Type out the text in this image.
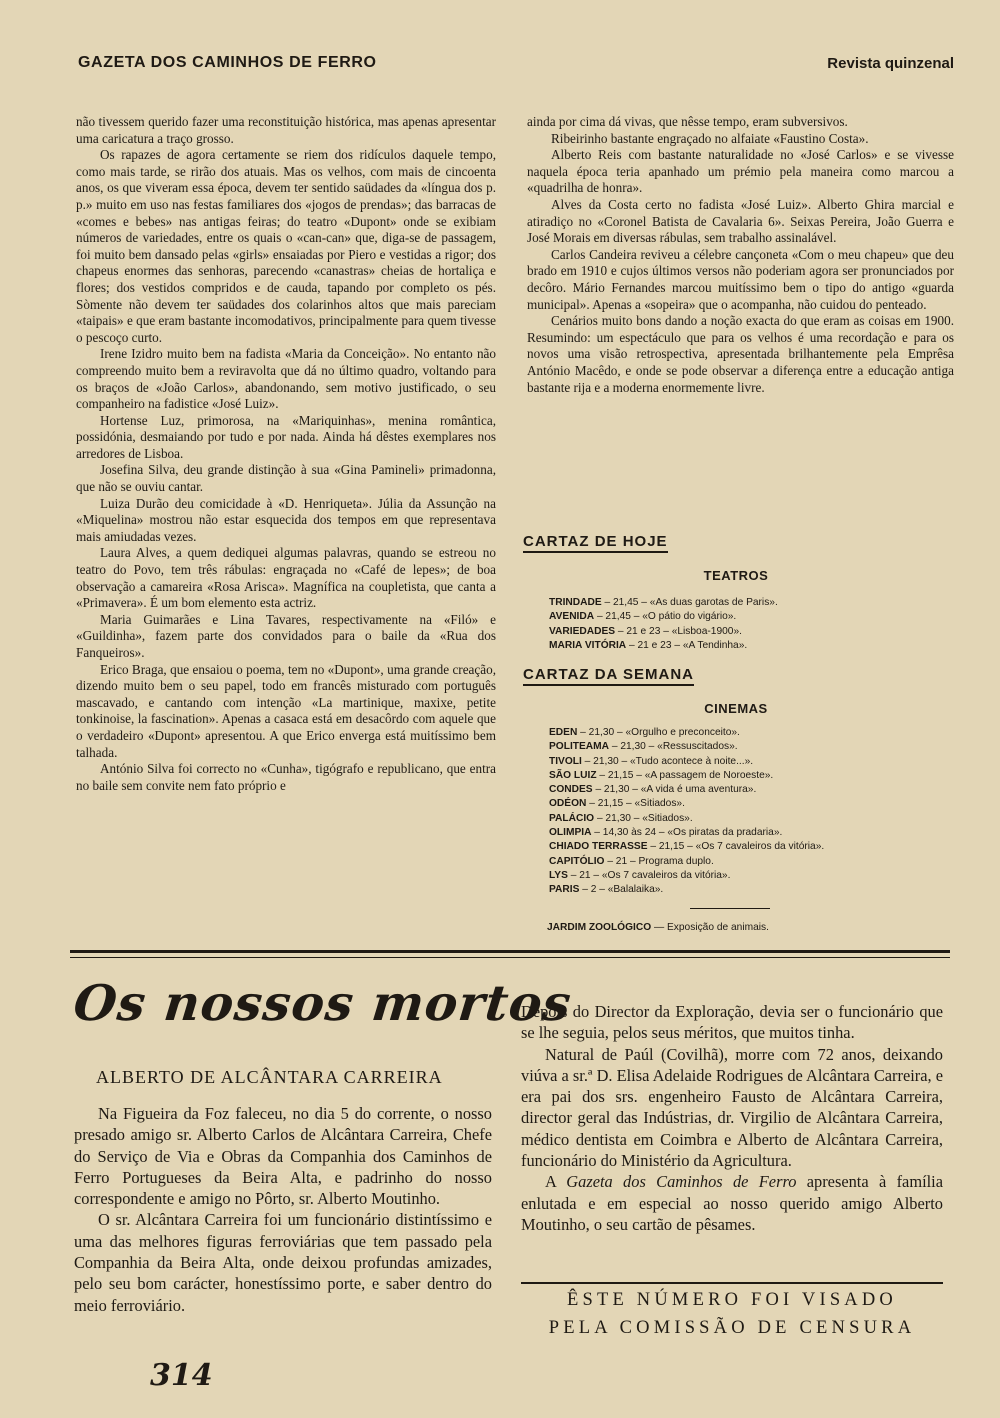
GAZETA DOS CAMINHOS DE FERRO	Revista quinzenal

não tivessem querido fazer uma reconstituição histórica, mas apenas apresentar uma caricatura a traço grosso.

Os rapazes de agora certamente se riem dos ridículos daquele tempo, como mais tarde, se rirão dos atuais. Mas os velhos, com mais de cincoenta anos, os que viveram essa época, devem ter sentido saüdades da «língua dos p. p.» muito em uso nas festas familiares dos «jogos de prendas»; das barracas de «comes e bebes» nas antigas feiras; do teatro «Dupont» onde se exibiam números de variedades, entre os quais o «can-can» que, diga-se de passagem, foi muito bem dansado pelas «girls» ensaiadas por Piero e vestidas a rigor; dos chapeus enormes das senhoras, parecendo «canastras» cheias de hortaliça e flores; dos vestidos compridos e de cauda, tapando por completo os pés. Sòmente não devem ter saüdades dos colarinhos altos que mais pareciam «taipais» e que eram bastante incomodativos, principalmente para quem tivesse o pescoço curto.

Irene Izidro muito bem na fadista «Maria da Conceição». No entanto não compreendo muito bem a reviravolta que dá no último quadro, voltando para os braços de «João Carlos», abandonando, sem motivo justificado, o seu companheiro na fadistice «José Luiz».

Hortense Luz, primorosa, na «Mariquinhas», menina romântica, possidónia, desmaiando por tudo e por nada. Ainda há dêstes exemplares nos arredores de Lisboa.

Josefina Silva, deu grande distinção à sua «Gina Pamineli» primadonna, que não se ouviu cantar.

Luiza Durão deu comicidade à «D. Henriqueta». Júlia da Assunção na «Miquelina» mostrou não estar esquecida dos tempos em que representava mais amiudadas vezes.

Laura Alves, a quem dediquei algumas palavras, quando se estreou no teatro do Povo, tem três rábulas: engraçada no «Café de lepes»; de boa observação a camareira «Rosa Arisca». Magnífica na coupletista, que canta a «Primavera». É um bom elemento esta actriz.

Maria Guimarães e Lina Tavares, respectivamente na «Filó» e «Guildinha», fazem parte dos convidados para o baile da «Rua dos Fanqueiros».

Erico Braga, que ensaiou o poema, tem no «Dupont», uma grande creação, dizendo muito bem o seu papel, todo em francês misturado com português mascavado, e cantando com intenção «La martinique, maxixe, petite tonkinoise, la fascination». Apenas a casaca está em desacôrdo com aquele que o verdadeiro «Dupont» apresentou. A que Erico enverga está muitíssimo bem talhada.

António Silva foi correcto no «Cunha», tigógrafo e republicano, que entra no baile sem convite nem fato próprio e

ainda por cima dá vivas, que nêsse tempo, eram subversivos.

Ribeirinho bastante engraçado no alfaiate «Faustino Costa».

Alberto Reis com bastante naturalidade no «José Carlos» e se vivesse naquela época teria apanhado um prémio pela maneira como marcou a «quadrilha de honra».

Alves da Costa certo no fadista «José Luiz». Alberto Ghira marcial e atiradiço no «Coronel Batista de Cavalaria 6». Seixas Pereira, João Guerra e José Morais em diversas rábulas, sem trabalho assinalável.

Carlos Candeira reviveu a célebre cançoneta «Com o meu chapeu» que deu brado em 1910 e cujos últimos versos não poderiam agora ser pronunciados por decôro. Mário Fernandes marcou muitíssimo bem o tipo do antigo «guarda municipal». Apenas a «sopeira» que o acompanha, não cuidou do penteado.

Cenários muito bons dando a noção exacta do que eram as coisas em 1900. Resumindo: um espectáculo que para os velhos é uma recordação e para os novos uma visão retrospectiva, apresentada brilhantemente pela Emprêsa António Macêdo, e onde se pode observar a diferença entre a educação antiga bastante rija e a moderna enormemente livre.

CARTAZ DE HOJE
TEATROS
TRINDADE – 21,45 – «As duas garotas de Paris».
AVENIDA – 21,45 – «O pátio do vigário».
VARIEDADES – 21 e 23 – «Lisboa-1900».
MARIA VITÓRIA – 21 e 23 – «A Tendinha».
CARTAZ DA SEMANA
CINEMAS
EDEN – 21,30 – «Orgulho e preconceito».
POLITEAMA – 21,30 – «Ressuscitados».
TIVOLI – 21,30 – «Tudo acontece à noite...».
SÃO LUIZ – 21,15 – «A passagem de Noroeste».
CONDES – 21,30 – «A vida é uma aventura».
ODÉON – 21,15 – «Sitiados».
PALÁCIO – 21,30 – «Sitiados».
OLIMPIA – 14,30 às 24 – «Os piratas da pradaria».
CHIADO TERRASSE – 21,15 – «Os 7 cavaleiros da vitória».
CAPITÓLIO – 21 – Programa duplo.
LYS – 21 – «Os 7 cavaleiros da vitória».
PARIS – 2 – «Balalaika».
JARDIM ZOOLÓGICO — Exposição de animais.
Os nossos mortos
ALBERTO DE ALCÂNTARA CARREIRA

Na Figueira da Foz faleceu, no dia 5 do corrente, o nosso presado amigo sr. Alberto Carlos de Alcântara Carreira, Chefe do Serviço de Via e Obras da Companhia dos Caminhos de Ferro Portugueses da Beira Alta, e padrinho do nosso correspondente e amigo no Pôrto, sr. Alberto Moutinho.

O sr. Alcântara Carreira foi um funcionário distintíssimo e uma das melhores figuras ferroviárias que tem passado pela Companhia da Beira Alta, onde deixou profundas amizades, pelo seu bom carácter, honestíssimo porte, e saber dentro do meio ferroviário.

Depois do Director da Exploração, devia ser o funcionário que se lhe seguia, pelos seus méritos, que muitos tinha.

Natural de Paúl (Covilhã), morre com 72 anos, deixando viúva a sr.ª D. Elisa Adelaide Rodrigues de Alcântara Carreira, e era pai dos srs. engenheiro Fausto de Alcântara Carreira, director geral das Indústrias, dr. Virgilio de Alcântara Carreira, médico dentista em Coimbra e Alberto de Alcântara Carreira, funcionário do Ministério da Agricultura.

A Gazeta dos Caminhos de Ferro apresenta à família enlutada e em especial ao nosso querido amigo Alberto Moutinho, o seu cartão de pêsames.

ÊSTE NÚMERO FOI VISADO
PELA COMISSÃO DE CENSURA
314
